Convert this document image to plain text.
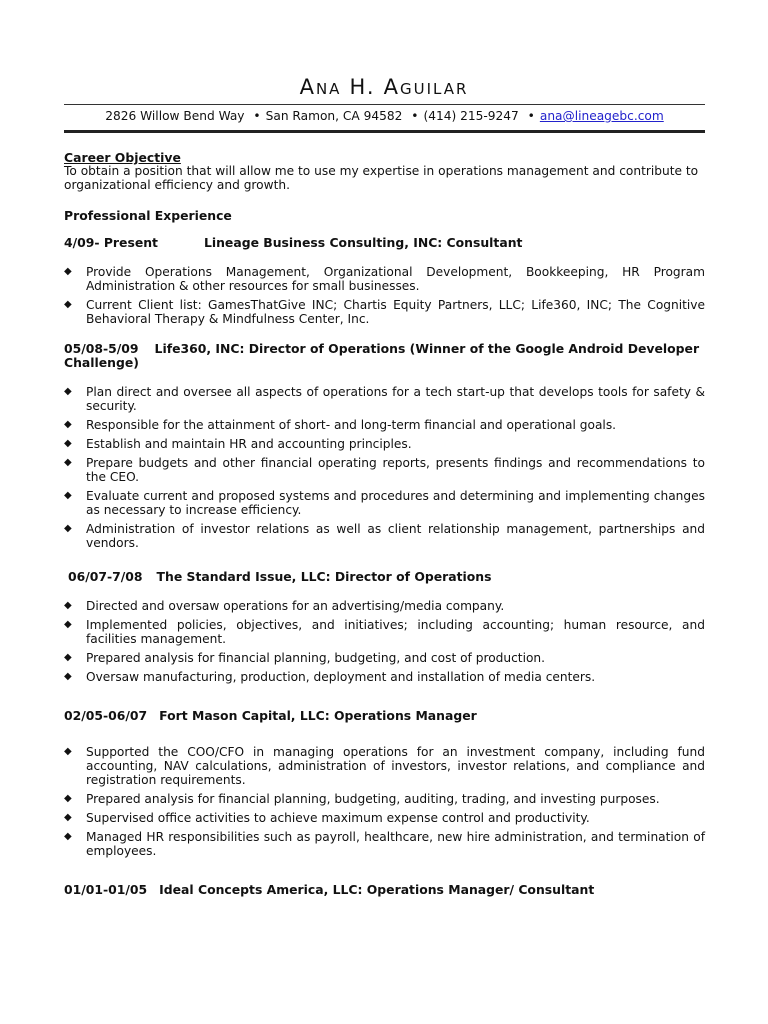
ANA H. AGUILAR
2826 Willow Bend Way • San Ramon, CA 94582 • (414) 215-9247 • ana@lineagebc.com
Career Objective
To obtain a position that will allow me to use my expertise in operations management and contribute to organizational efficiency and growth.
Professional Experience
4/09- Present	Lineage Business Consulting, INC: Consultant
◆ Provide Operations Management, Organizational Development, Bookkeeping, HR Program Administration & other resources for small businesses.
◆ Current Client list: GamesThatGive INC; Chartis Equity Partners, LLC; Life360, INC; The Cognitive Behavioral Therapy & Mindfulness Center, Inc.
05/08-5/09 Life360, INC: Director of Operations (Winner of the Google Android Developer Challenge)
◆ Plan direct and oversee all aspects of operations for a tech start-up that develops tools for safety & security.
◆ Responsible for the attainment of short- and long-term financial and operational goals.
◆ Establish and maintain HR and accounting principles.
◆ Prepare budgets and other financial operating reports, presents findings and recommendations to the CEO.
◆ Evaluate current and proposed systems and procedures and determining and implementing changes as necessary to increase efficiency.
◆ Administration of investor relations as well as client relationship management, partnerships and vendors.
06/07-7/08 The Standard Issue, LLC: Director of Operations
◆ Directed and oversaw operations for an advertising/media company.
◆ Implemented policies, objectives, and initiatives; including accounting; human resource, and facilities management.
◆ Prepared analysis for financial planning, budgeting, and cost of production.
◆ Oversaw manufacturing, production, deployment and installation of media centers.
02/05-06/07 Fort Mason Capital, LLC: Operations Manager
◆ Supported the COO/CFO in managing operations for an investment company, including fund accounting, NAV calculations, administration of investors, investor relations, and compliance and registration requirements.
◆ Prepared analysis for financial planning, budgeting, auditing, trading, and investing purposes.
◆ Supervised office activities to achieve maximum expense control and productivity.
◆ Managed HR responsibilities such as payroll, healthcare, new hire administration, and termination of employees.
01/01-01/05 Ideal Concepts America, LLC: Operations Manager/ Consultant
